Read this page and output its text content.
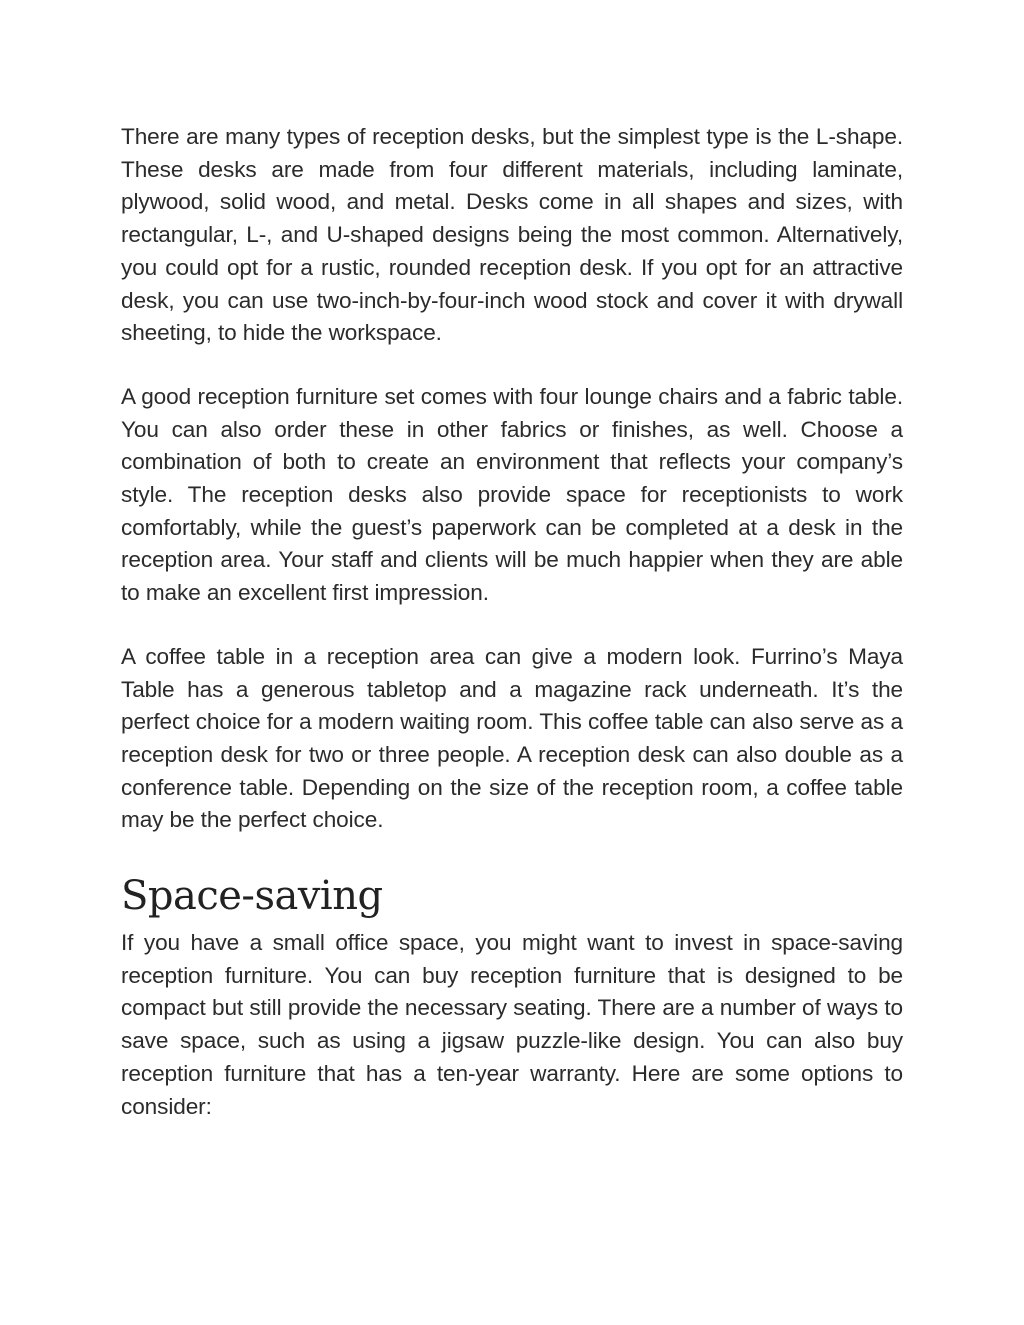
There are many types of reception desks, but the simplest type is the L-shape. These desks are made from four different materials, including laminate, plywood, solid wood, and metal. Desks come in all shapes and sizes, with rectangular, L-, and U-shaped designs being the most common. Alternatively, you could opt for a rustic, rounded reception desk. If you opt for an attractive desk, you can use two-inch-by-four-inch wood stock and cover it with drywall sheeting, to hide the workspace.

A good reception furniture set comes with four lounge chairs and a fabric table. You can also order these in other fabrics or finishes, as well. Choose a combination of both to create an environment that reflects your company’s style. The reception desks also provide space for receptionists to work comfortably, while the guest’s paperwork can be completed at a desk in the reception area. Your staff and clients will be much happier when they are able to make an excellent first impression.

A coffee table in a reception area can give a modern look. Furrino’s Maya Table has a generous tabletop and a magazine rack underneath. It’s the perfect choice for a modern waiting room. This coffee table can also serve as a reception desk for two or three people. A reception desk can also double as a conference table. Depending on the size of the reception room, a coffee table may be the perfect choice.

Space-saving

If you have a small office space, you might want to invest in space-saving reception furniture. You can buy reception furniture that is designed to be compact but still provide the necessary seating. There are a number of ways to save space, such as using a jigsaw puzzle-like design. You can also buy reception furniture that has a ten-year warranty. Here are some options to consider:
